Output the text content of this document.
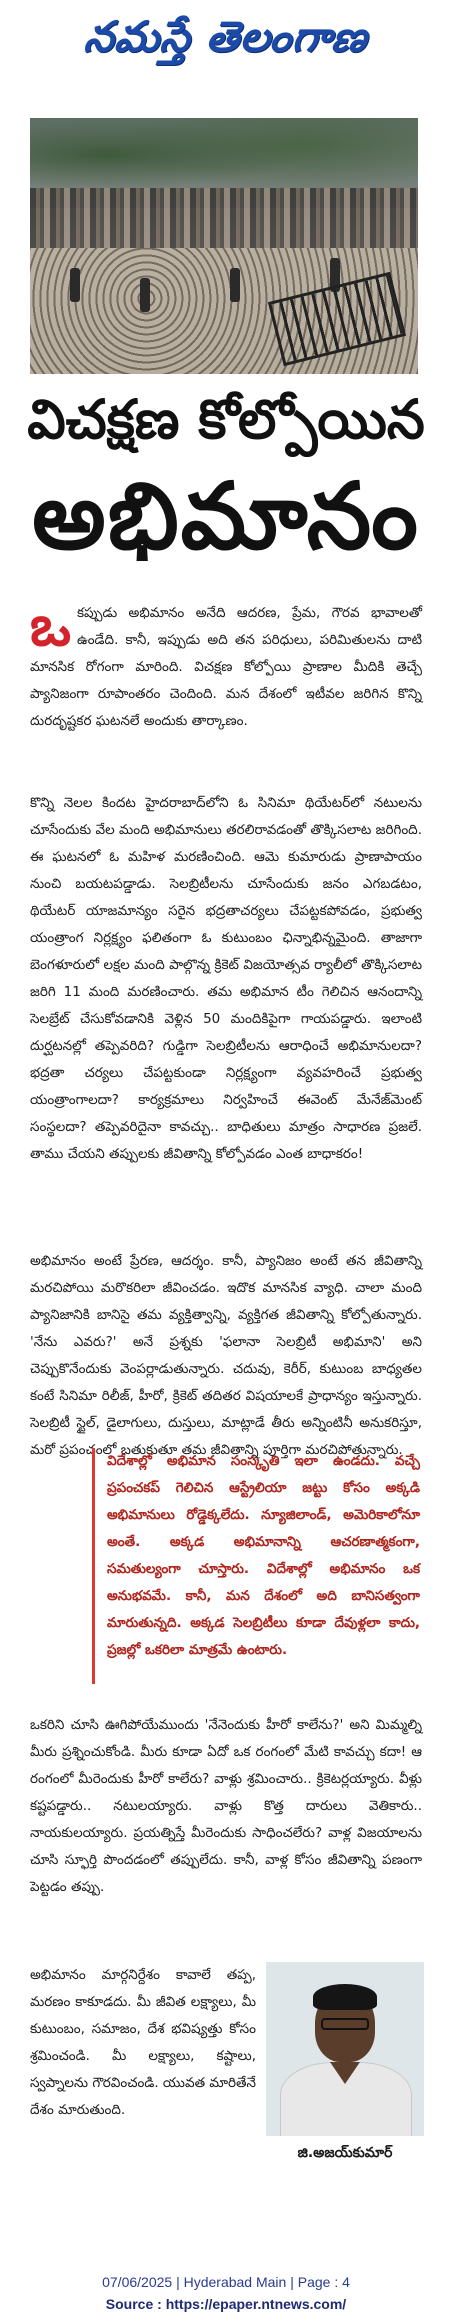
నమస్తే తెలంగాణ
విచక్షణ కోల్పోయిన
అభిమానం
ఒ కప్పుడు అభిమానం అనేది ఆదరణ, ప్రేమ, గౌరవ భావాలతో ఉండేది. కానీ, ఇప్పుడు అది తన పరిధులు, పరిమితులను దాటి మానసిక రోగంగా మారింది. విచక్షణ కోల్పోయి ప్రాణాల మీదికి తెచ్చే ప్యానిజంగా రూపాంతరం చెందింది. మన దేశంలో ఇటీవల జరిగిన కొన్ని దురదృష్టకర ఘటనలే అందుకు తార్కాణం.
కొన్ని నెలల కిందట హైదరాబాద్‌లోని ఓ సినిమా థియేటర్‌లో నటులను చూసేందుకు వేల మంది అభిమానులు తరలిరావడంతో తొక్కిసలాట జరిగింది. ఈ ఘటనలో ఓ మహిళ మరణించింది. ఆమె కుమారుడు ప్రాణాపాయం నుంచి బయటపడ్డాడు. సెలబ్రిటీలను చూసేందుకు జనం ఎగబడటం, థియేటర్ యాజమాన్యం సరైన భద్రతాచర్యలు చేపట్టకపోవడం, ప్రభుత్వ యంత్రాంగ నిర్లక్ష్యం ఫలితంగా ఓ కుటుంబం ఛిన్నాభిన్నమైంది. తాజాగా బెంగళూరులో లక్షల మంది పాల్గొన్న క్రికెట్ విజయోత్సవ ర్యాలీలో తొక్కిసలాట జరిగి 11 మంది మరణించారు. తమ అభిమాన టీం గెలిచిన ఆనందాన్ని సెలబ్రేట్ చేసుకోవడానికి వెళ్లిన 50 మందికిపైగా గాయపడ్డారు. ఇలాంటి దుర్ఘటనల్లో తప్పెవరిది? గుడ్డిగా సెలబ్రిటీలను ఆరాధించే అభిమానులదా? భద్రతా చర్యలు చేపట్టకుండా నిర్లక్ష్యంగా వ్యవహరించే ప్రభుత్వ యంత్రాంగాలదా? కార్యక్రమాలు నిర్వహించే ఈవెంట్ మేనేజ్‌మెంట్ సంస్థలదా? తప్పెవరిదైనా కావచ్చు.. బాధితులు మాత్రం సాధారణ ప్రజలే. తాము చేయని తప్పులకు జీవితాన్ని కోల్పోవడం ఎంత బాధాకరం!
అభిమానం అంటే ప్రేరణ, ఆదర్శం. కానీ, ప్యానిజం అంటే తన జీవితాన్ని మరచిపోయి మరొకరిలా జీవించడం. ఇదొక మానసిక వ్యాధి. చాలా మంది ప్యానిజానికి బానిసై తమ వ్యక్తిత్వాన్ని, వ్యక్తిగత జీవితాన్ని కోల్పోతున్నారు. 'నేను ఎవరు?' అనే ప్రశ్నకు 'ఫలానా సెలబ్రిటీ అభిమాని' అని చెప్పుకొనేందుకు వెంపర్లాడుతున్నారు. చదువు, కెరీర్, కుటుంబ బాధ్యతల కంటే సినిమా రిలీజ్, హీరో, క్రికెట్ తదితర విషయాలకే ప్రాధాన్యం ఇస్తున్నారు. సెలబ్రిటీ స్టైల్, డైలాగులు, దుస్తులు, మాట్లాడే తీరు అన్నింటినీ అనుకరిస్తూ, మరో ప్రపంచంలో బతుకుతూ తమ జీవితాన్ని పూర్తిగా మరచిపోతున్నారు.
విదేశాల్లో అభిమాన సంస్కృతి ఇలా ఉండదు. వచ్చే ప్రపంచకప్ గెలిచిన ఆస్ట్రేలియా జట్టు కోసం అక్కడి అభిమానులు రోడ్డెక్కలేదు. న్యూజిలాండ్, అమెరికాలోనూ అంతే. అక్కడ అభిమానాన్ని ఆచరణాత్మకంగా, సమతుల్యంగా చూస్తారు. విదేశాల్లో అభిమానం ఒక అనుభవమే. కానీ, మన దేశంలో అది బానిసత్వంగా మారుతున్నది. అక్కడ సెలబ్రిటీలు కూడా దేవుళ్లలా కాదు, ప్రజల్లో ఒకరిలా మాత్రమే ఉంటారు.
ఒకరిని చూసి ఊగిపోయేముందు 'నేనెందుకు హీరో కాలేను?' అని మిమ్మల్ని మీరు ప్రశ్నించుకోండి. మీరు కూడా ఏదో ఒక రంగంలో మేటి కావచ్చు కదా! ఆ రంగంలో మీరెందుకు హీరో కాలేరు? వాళ్లు శ్రమించారు.. క్రికెటర్లయ్యారు. వీళ్లు కష్టపడ్డారు.. నటులయ్యారు. వాళ్లు కొత్త దారులు వెతికారు.. నాయకులయ్యారు. ప్రయత్నిస్తే మీరెందుకు సాధించలేరు? వాళ్ల విజయాలను చూసి స్ఫూర్తి పొందడంలో తప్పులేదు. కానీ, వాళ్ల కోసం జీవితాన్ని పణంగా పెట్టడం తప్పు.
అభిమానం మార్గనిర్దేశం కావాలే తప్ప, మరణం కాకూడదు. మీ జీవిత లక్ష్యాలు, మీ కుటుంబం, సమాజం, దేశ భవిష్యత్తు కోసం శ్రమించండి. మీ లక్ష్యాలు, కష్టాలు, స్వప్నాలను గౌరవించండి. యువత మారితేనే దేశం మారుతుంది.
జి.అజయ్‌కుమార్
07/06/2025 | Hyderabad Main | Page : 4
Source : https://epaper.ntnews.com/
